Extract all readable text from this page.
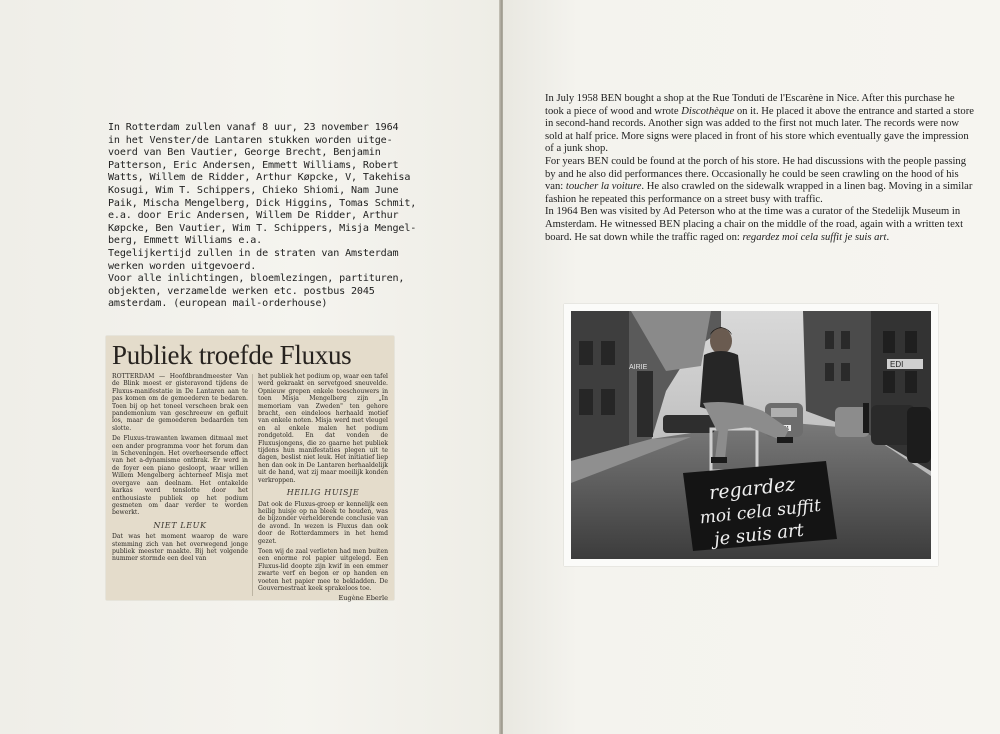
In Rotterdam zullen vanaf 8 uur, 23 november 1964
in het Venster/de Lantaren stukken worden uitge-
voerd van Ben Vautier, George Brecht, Benjamin
Patterson, Eric Andersen, Emmett Williams, Robert
Watts, Willem de Ridder, Arthur Køpcke, V, Takehisa
Kosugi, Wim T. Schippers, Chieko Shiomi, Nam June
Paik, Mischa Mengelberg, Dick Higgins, Tomas Schmit,
e.a. door Eric Andersen, Willem De Ridder, Arthur
Køpcke, Ben Vautier, Wim T. Schippers, Misja Mengel-
berg, Emmett Williams e.a.
Tegelijkertijd zullen in de straten van Amsterdam
werken worden uitgevoerd.
Voor alle inlichtingen, bloemlezingen, partituren,
objekten, verzamelde werken etc. postbus 2045
amsterdam. (european mail-orderhouse)

Publiek troefde Fluxus

ROTTERDAM — Hoofdbrandmeester Van de Blink moest er gisteravond tijdens de Fluxus-manifestatie in De Lantaren aan te pas komen om de gemoederen te bedaren. Toen bij op het toneel verscheen brak een pandemonium van geschreeuw en gefluit los, maar de gemoederen bedaarden ten slotte.

De Fluxus-trawanten kwamen ditmaal met een ander programma voor het forum dan in Scheveningen. Het overheersende effect van het a-dynamisme ontbrak. Er werd in de foyer een piano gesloopt, waar willen Willem Mengelberg achterneef Misja met overgave aan deelnam. Het ontakelde karkas werd tenslotte door het enthousiaste publiek op het podium gesmeten om daar verder te worden bewerkt.

NIET LEUK

Dat was het moment waarop de ware stemming zich van het overwegend jonge publiek meester maakte. Bij het volgende nummer stormde een deel van

het publiek het podium op, waar een tafel werd gekraakt en servetgoed sneuvelde. Opnieuw grepen enkele toeschouwers in toen Misja Mengelberg zijn „In memoriam van Zweden" ten gehore bracht, een eindeloos herhaald motief van enkele noten. Misja werd met vleugel en al enkele malen het podium rondgetold. En dat vonden de Fluxusjongens, die zo gaarne het publiek tijdens hun manifestaties plegen uit te dagen, beslist niet leuk. Het initiatief liep hen dan ook in De Lantaren herhaaldelijk uit de hand, wat zij maar moeilijk konden verkroppen.

HEILIG HUISJE

Dat ook de Fluxus-groep er kennelijk een heilig huisje op na bleek te houden, was de bijzonder verhelderende conclusie van de avond. In wezen is Fluxus dan ook door de Rotterdammers in het hemd gezet.

Toen wij de zaal verlieten had men buiten een enorme rol papier uitgelegd. Een Fluxus-lid doopte zijn kwif in een emmer zwarte verf en begon er op handen en voeten het papier mee te bekladden. De Gouvernestraat keek sprakeloos toe.

Eugène Eberle

In July 1958 BEN bought a shop at the Rue Tonduti de l'Escarène in Nice. After this purchase he took a piece of wood and wrote Discothèque on it. He placed it above the entrance and started a store in second-hand records. Another sign was added to the first not much later. The records were now sold at half price. More signs were placed in front of his store which eventually gave the impression of a junk shop.

For years BEN could be found at the porch of his store. He had discussions with the people passing by and he also did performances there. Occasionally he could be seen crawling on the hood of his van: toucher la voiture. He also crawled on the sidewalk wrapped in a linen bag. Moving in a similar fashion he repeated this performance on a street busy with traffic.

In 1964 Ben was visited by Ad Peterson who at the time was a curator of the Stedelijk Museum in Amsterdam. He witnessed BEN placing a chair on the middle of the road, again with a written text board. He sat down while the traffic raged on: regardez moi cela suffit je suis art.

AIRIE	EDI
regardez
moi cela suffit
je suis art
